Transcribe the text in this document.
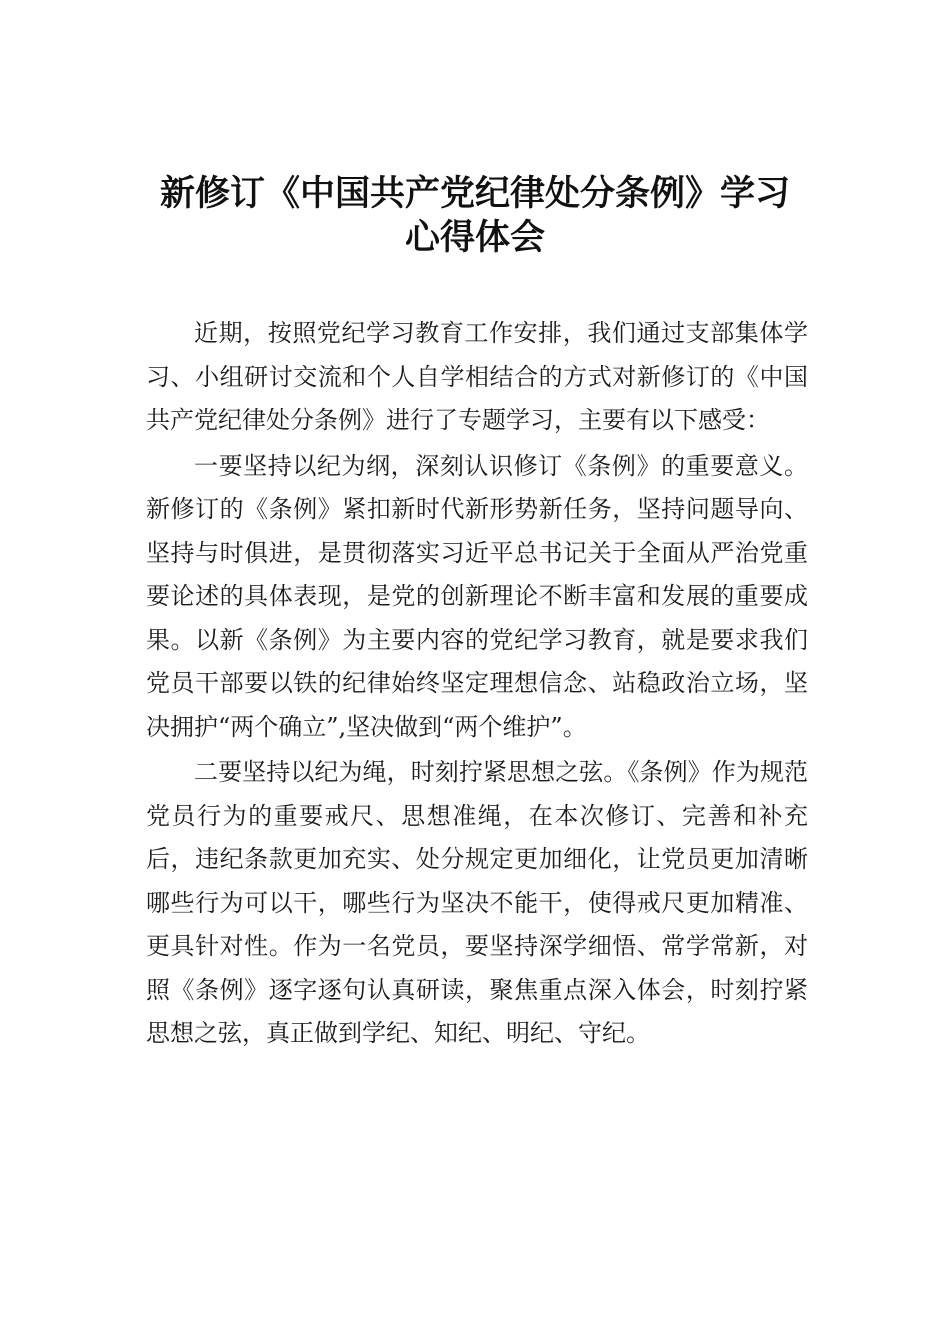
新修订《中国共产党纪律处分条例》学习
心得体会

近期，按照党纪学习教育工作安排，我们通过支部集体学习、小组研讨交流和个人自学相结合的方式对新修订的《中国共产党纪律处分条例》进行了专题学习，主要有以下感受：

一要坚持以纪为纲，深刻认识修订《条例》的重要意义。新修订的《条例》紧扣新时代新形势新任务，坚持问题导向、坚持与时俱进，是贯彻落实习近平总书记关于全面从严治党重要论述的具体表现，是党的创新理论不断丰富和发展的重要成果。以新《条例》为主要内容的党纪学习教育，就是要求我们党员干部要以铁的纪律始终坚定理想信念、站稳政治立场，坚决拥护“两个确立”,坚决做到“两个维护”。

二要坚持以纪为绳，时刻拧紧思想之弦。《条例》作为规范党员行为的重要戒尺、思想准绳，在本次修订、完善和补充后，违纪条款更加充实、处分规定更加细化，让党员更加清晰哪些行为可以干，哪些行为坚决不能干，使得戒尺更加精准、更具针对性。作为一名党员，要坚持深学细悟、常学常新，对照《条例》逐字逐句认真研读，聚焦重点深入体会，时刻拧紧思想之弦，真正做到学纪、知纪、明纪、守纪。
